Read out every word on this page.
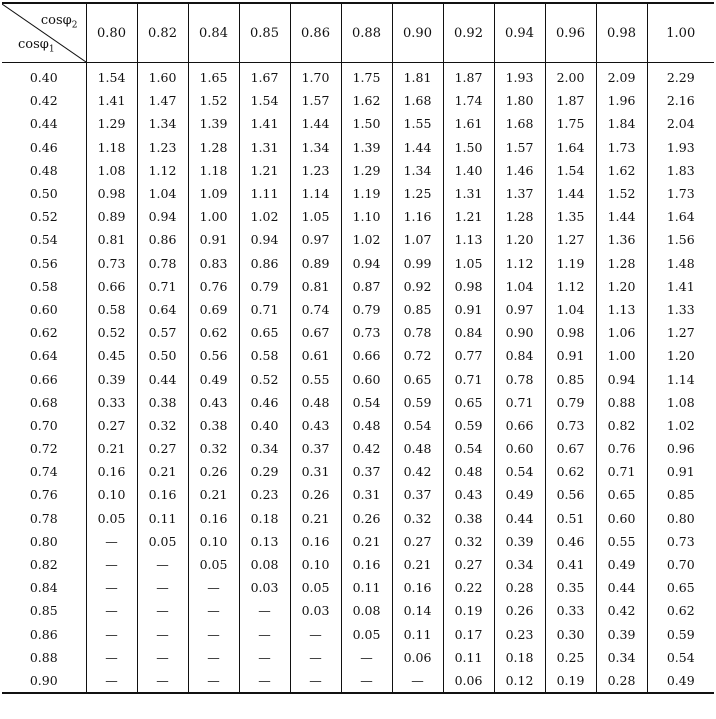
cosφ$_2$
cosφ$_1$	0.80	0.82	0.84	0.85	0.86	0.88	0.90	0.92	0.94	0.96	0.98	1.00
0.40	1.54	1.60	1.65	1.67	1.70	1.75	1.81	1.87	1.93	2.00	2.09	2.29
0.42	1.41	1.47	1.52	1.54	1.57	1.62	1.68	1.74	1.80	1.87	1.96	2.16
0.44	1.29	1.34	1.39	1.41	1.44	1.50	1.55	1.61	1.68	1.75	1.84	2.04
0.46	1.18	1.23	1.28	1.31	1.34	1.39	1.44	1.50	1.57	1.64	1.73	1.93
0.48	1.08	1.12	1.18	1.21	1.23	1.29	1.34	1.40	1.46	1.54	1.62	1.83
0.50	0.98	1.04	1.09	1.11	1.14	1.19	1.25	1.31	1.37	1.44	1.52	1.73
0.52	0.89	0.94	1.00	1.02	1.05	1.10	1.16	1.21	1.28	1.35	1.44	1.64
0.54	0.81	0.86	0.91	0.94	0.97	1.02	1.07	1.13	1.20	1.27	1.36	1.56
0.56	0.73	0.78	0.83	0.86	0.89	0.94	0.99	1.05	1.12	1.19	1.28	1.48
0.58	0.66	0.71	0.76	0.79	0.81	0.87	0.92	0.98	1.04	1.12	1.20	1.41
0.60	0.58	0.64	0.69	0.71	0.74	0.79	0.85	0.91	0.97	1.04	1.13	1.33
0.62	0.52	0.57	0.62	0.65	0.67	0.73	0.78	0.84	0.90	0.98	1.06	1.27
0.64	0.45	0.50	0.56	0.58	0.61	0.66	0.72	0.77	0.84	0.91	1.00	1.20
0.66	0.39	0.44	0.49	0.52	0.55	0.60	0.65	0.71	0.78	0.85	0.94	1.14
0.68	0.33	0.38	0.43	0.46	0.48	0.54	0.59	0.65	0.71	0.79	0.88	1.08
0.70	0.27	0.32	0.38	0.40	0.43	0.48	0.54	0.59	0.66	0.73	0.82	1.02
0.72	0.21	0.27	0.32	0.34	0.37	0.42	0.48	0.54	0.60	0.67	0.76	0.96
0.74	0.16	0.21	0.26	0.29	0.31	0.37	0.42	0.48	0.54	0.62	0.71	0.91
0.76	0.10	0.16	0.21	0.23	0.26	0.31	0.37	0.43	0.49	0.56	0.65	0.85
0.78	0.05	0.11	0.16	0.18	0.21	0.26	0.32	0.38	0.44	0.51	0.60	0.80
0.80	—	0.05	0.10	0.13	0.16	0.21	0.27	0.32	0.39	0.46	0.55	0.73
0.82	—	—	0.05	0.08	0.10	0.16	0.21	0.27	0.34	0.41	0.49	0.70
0.84	—	—	—	0.03	0.05	0.11	0.16	0.22	0.28	0.35	0.44	0.65
0.85	—	—	—	—	0.03	0.08	0.14	0.19	0.26	0.33	0.42	0.62
0.86	—	—	—	—	—	0.05	0.11	0.17	0.23	0.30	0.39	0.59
0.88	—	—	—	—	—	—	0.06	0.11	0.18	0.25	0.34	0.54
0.90	—	—	—	—	—	—	—	0.06	0.12	0.19	0.28	0.49
